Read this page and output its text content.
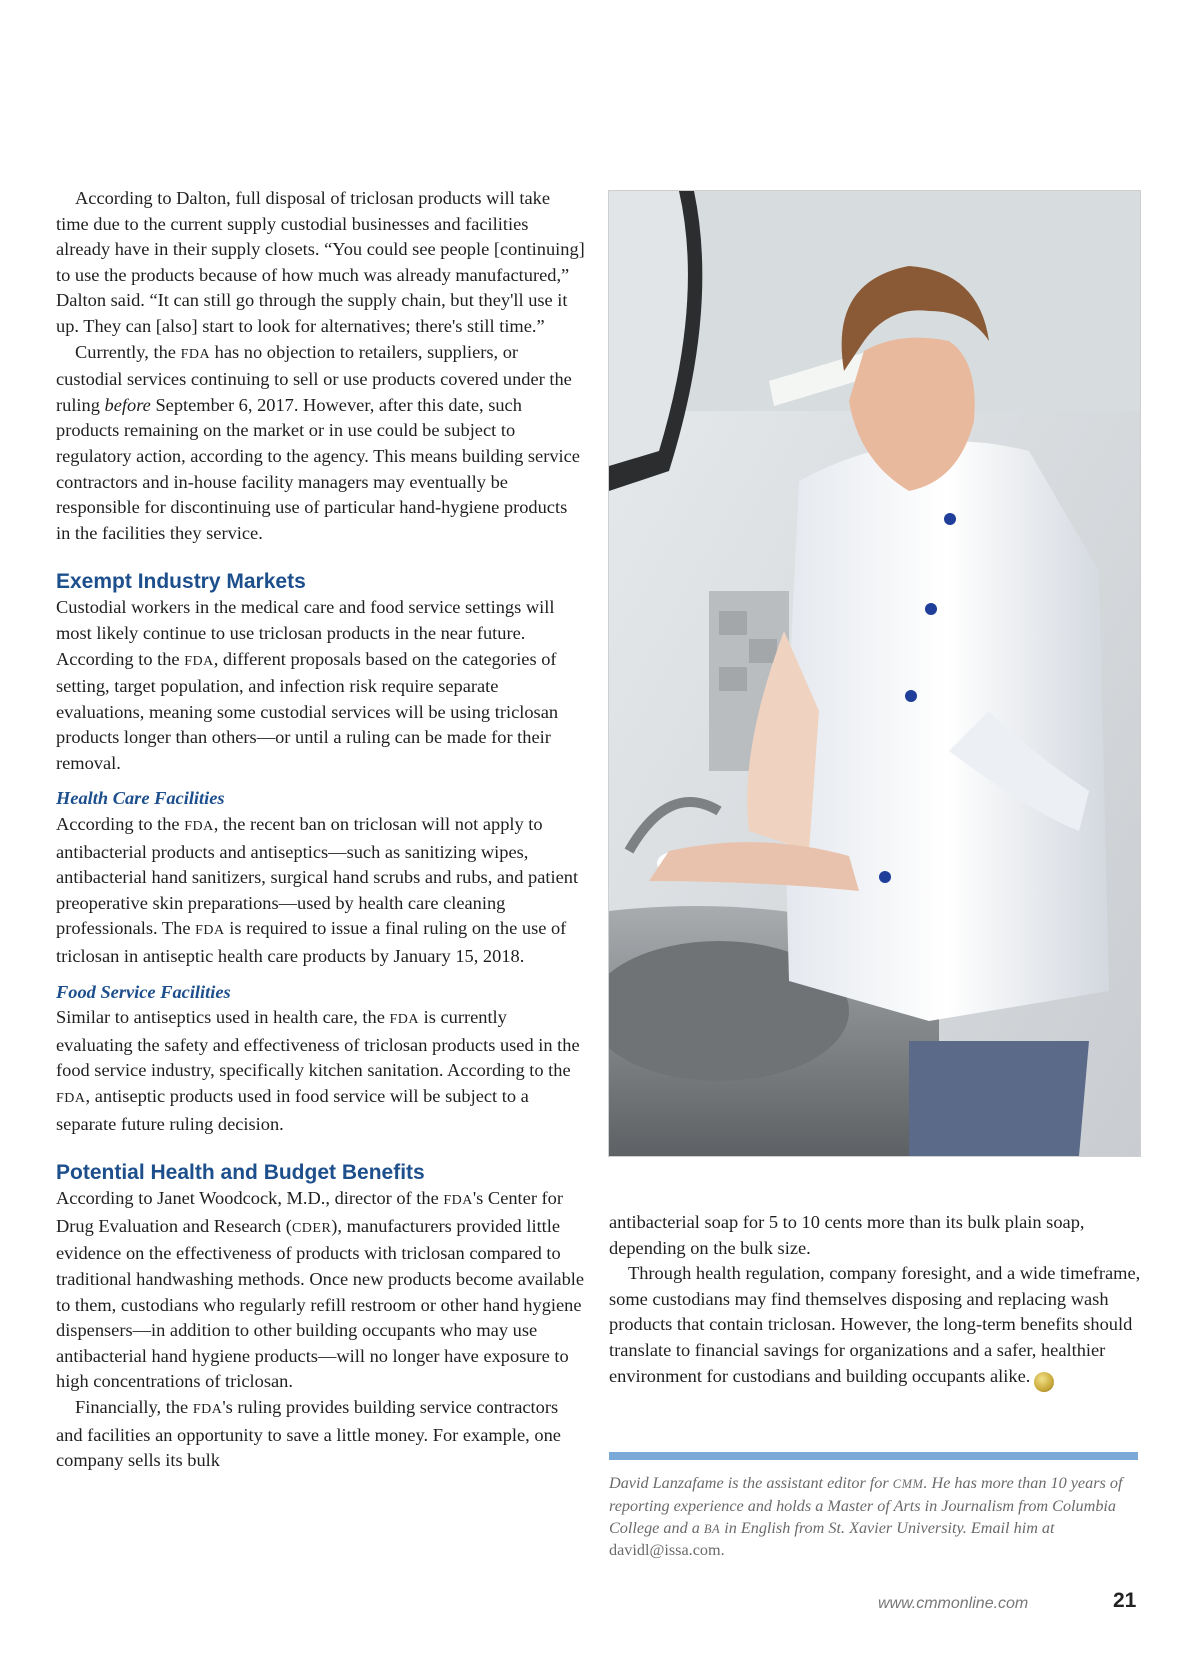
According to Dalton, full disposal of triclosan products will take time due to the current supply custodial businesses and facilities already have in their supply closets. “You could see people [continuing] to use the products because of how much was already manufactured,” Dalton said. “It can still go through the supply chain, but they'll use it up. They can [also] start to look for alternatives; there's still time.”

Currently, the FDA has no objection to retailers, suppliers, or custodial services continuing to sell or use products covered under the ruling before September 6, 2017. However, after this date, such products remaining on the market or in use could be subject to regulatory action, according to the agency. This means building service contractors and in-house facility managers may eventually be responsible for discontinuing use of particular hand-hygiene products in the facilities they service.

Exempt Industry Markets

Custodial workers in the medical care and food service settings will most likely continue to use triclosan products in the near future. According to the FDA, different proposals based on the categories of setting, target population, and infection risk require separate evaluations, meaning some custodial services will be using triclosan products longer than others—or until a ruling can be made for their removal.

Health Care Facilities

According to the FDA, the recent ban on triclosan will not apply to antibacterial products and antiseptics—such as sanitizing wipes, antibacterial hand sanitizers, surgical hand scrubs and rubs, and patient preoperative skin preparations—used by health care cleaning professionals. The FDA is required to issue a final ruling on the use of triclosan in antiseptic health care products by January 15, 2018.

Food Service Facilities

Similar to antiseptics used in health care, the FDA is currently evaluating the safety and effectiveness of triclosan products used in the food service industry, specifically kitchen sanitation. According to the FDA, antiseptic products used in food service will be subject to a separate future ruling decision.

Potential Health and Budget Benefits

According to Janet Woodcock, M.D., director of the FDA's Center for Drug Evaluation and Research (CDER), manufacturers provided little evidence on the effectiveness of products with triclosan compared to traditional handwashing methods. Once new products become available to them, custodians who regularly refill restroom or other hand hygiene dispensers—in addition to other building occupants who may use antibacterial hand hygiene products—will no longer have exposure to high concentrations of triclosan.

Financially, the FDA's ruling provides building service contractors and facilities an opportunity to save a little money. For example, one company sells its bulk

antibacterial soap for 5 to 10 cents more than its bulk plain soap, depending on the bulk size.

Through health regulation, company foresight, and a wide timeframe, some custodians may find themselves disposing and replacing wash products that contain triclosan. However, the long-term benefits should translate to financial savings for organizations and a safer, healthier environment for custodians and building occupants alike.	CM

David Lanzafame is the assistant editor for CMM. He has more than 10 years of reporting experience and holds a Master of Arts in Journalism from Columbia College and a BA in English from St. Xavier University. Email him at davidl@issa.com.
www.cmmonline.com	21
